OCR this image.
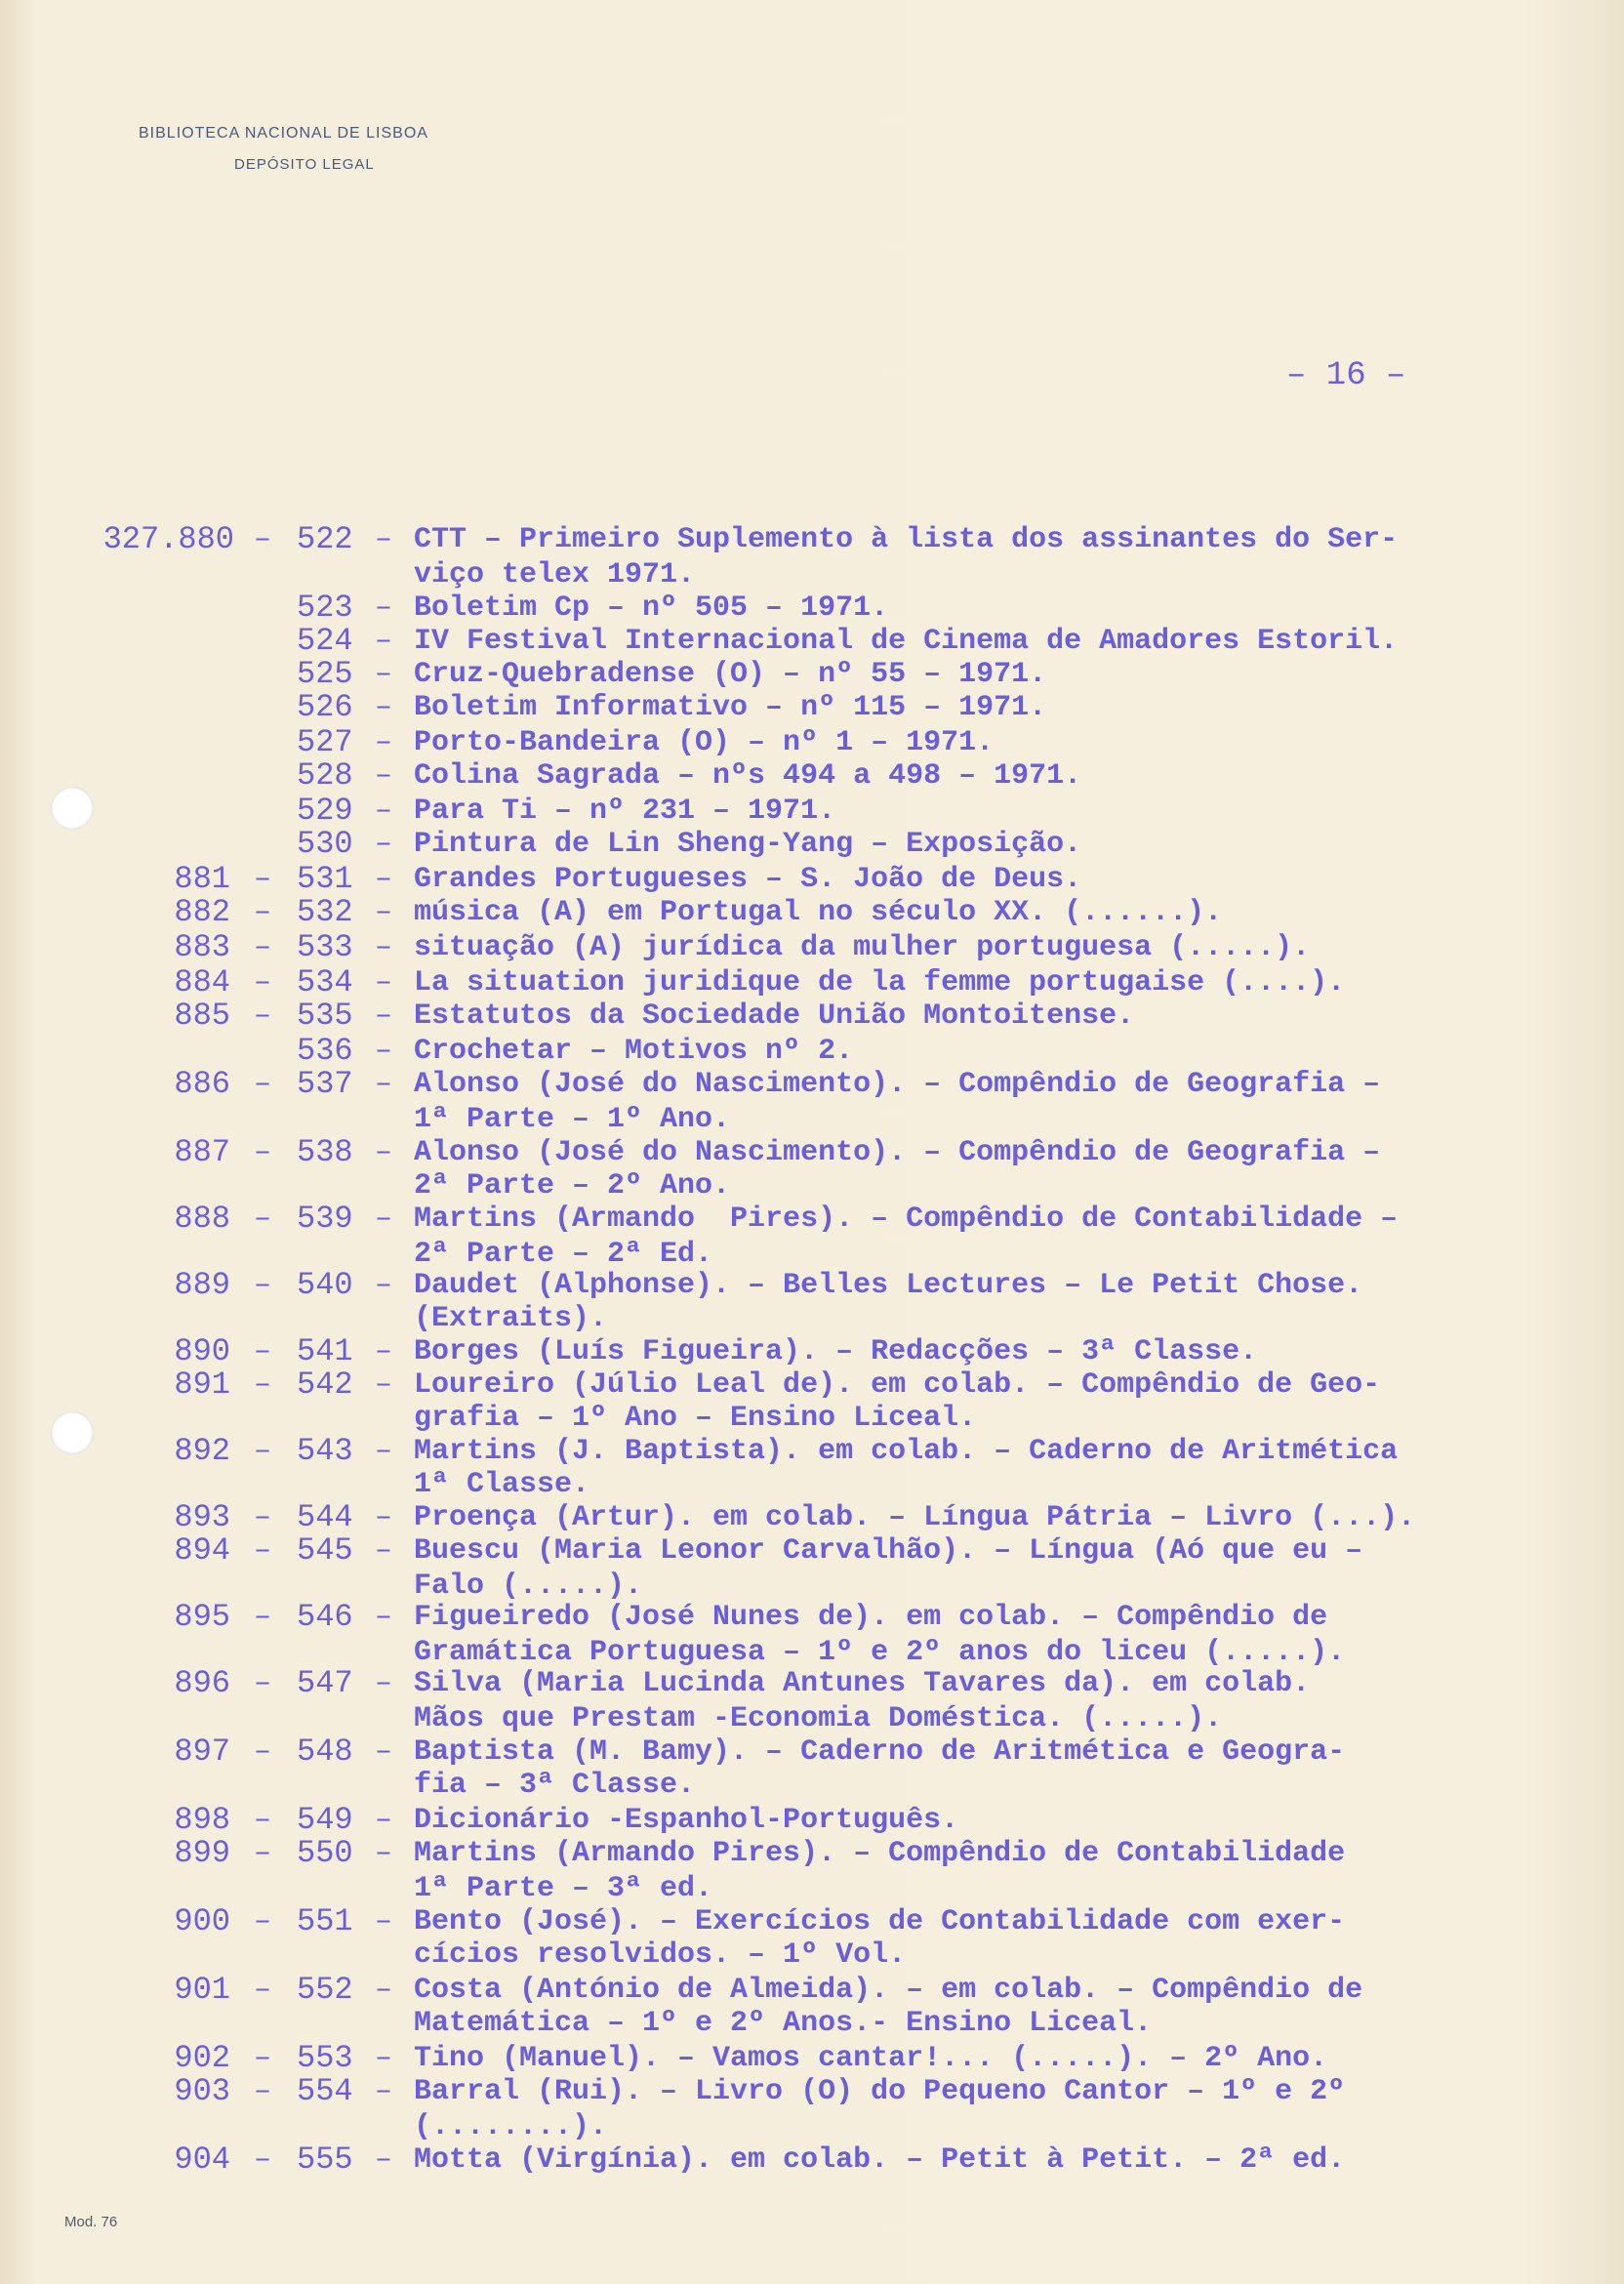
BIBLIOTECA NACIONAL DE LISBOA
DEPÓSITO LEGAL
– 16 –
327.880 – 522 – CTT – Primeiro Suplemento à lista dos assinantes do Ser-
viço telex 1971.
523 – Boletim Cp – nº 505 – 1971.
524 – IV Festival Internacional de Cinema de Amadores Estoril.
525 – Cruz-Quebradense (O) – nº 55 – 1971.
526 – Boletim Informativo – nº 115 – 1971.
527 – Porto-Bandeira (O) – nº 1 – 1971.
528 – Colina Sagrada – nºs 494 a 498 – 1971.
529 – Para Ti – nº 231 – 1971.
530 – Pintura de Lin Sheng-Yang – Exposição.
881 – 531 – Grandes Portugueses – S. João de Deus.
882 – 532 – música (A) em Portugal no século XX. (......).
883 – 533 – situação (A) jurídica da mulher portuguesa (.....).
884 – 534 – La situation juridique de la femme portugaise (....).
885 – 535 – Estatutos da Sociedade União Montoitense.
536 – Crochetar – Motivos nº 2.
886 – 537 – Alonso (José do Nascimento). – Compêndio de Geografia –
1ª Parte – 1º Ano.
887 – 538 – Alonso (José do Nascimento). – Compêndio de Geografia –
2ª Parte – 2º Ano.
888 – 539 – Martins (Armando  Pires). – Compêndio de Contabilidade –
2ª Parte – 2ª Ed.
889 – 540 – Daudet (Alphonse). – Belles Lectures – Le Petit Chose.
(Extraits).
890 – 541 – Borges (Luís Figueira). – Redacções – 3ª Classe.
891 – 542 – Loureiro (Júlio Leal de). em colab. – Compêndio de Geo-
grafia – 1º Ano – Ensino Liceal.
892 – 543 – Martins (J. Baptista). em colab. – Caderno de Aritmética
1ª Classe.
893 – 544 – Proença (Artur). em colab. – Língua Pátria – Livro (...).
894 – 545 – Buescu (Maria Leonor Carvalhão). – Língua (Aó que eu –
Falo (.....).
895 – 546 – Figueiredo (José Nunes de). em colab. – Compêndio de
Gramática Portuguesa – 1º e 2º anos do liceu (.....).
896 – 547 – Silva (Maria Lucinda Antunes Tavares da). em colab.
Mãos que Prestam -Economia Doméstica. (.....).
897 – 548 – Baptista (M. Bamy). – Caderno de Aritmética e Geogra-
fia – 3ª Classe.
898 – 549 – Dicionário -Espanhol-Português.
899 – 550 – Martins (Armando Pires). – Compêndio de Contabilidade
1ª Parte – 3ª ed.
900 – 551 – Bento (José). – Exercícios de Contabilidade com exer-
cícios resolvidos. – 1º Vol.
901 – 552 – Costa (António de Almeida). – em colab. – Compêndio de
Matemática – 1º e 2º Anos.- Ensino Liceal.
902 – 553 – Tino (Manuel). – Vamos cantar!... (.....). – 2º Ano.
903 – 554 – Barral (Rui). – Livro (O) do Pequeno Cantor – 1º e 2º
(........).
904 – 555 – Motta (Virgínia). em colab. – Petit à Petit. – 2ª ed.
Mod. 76
